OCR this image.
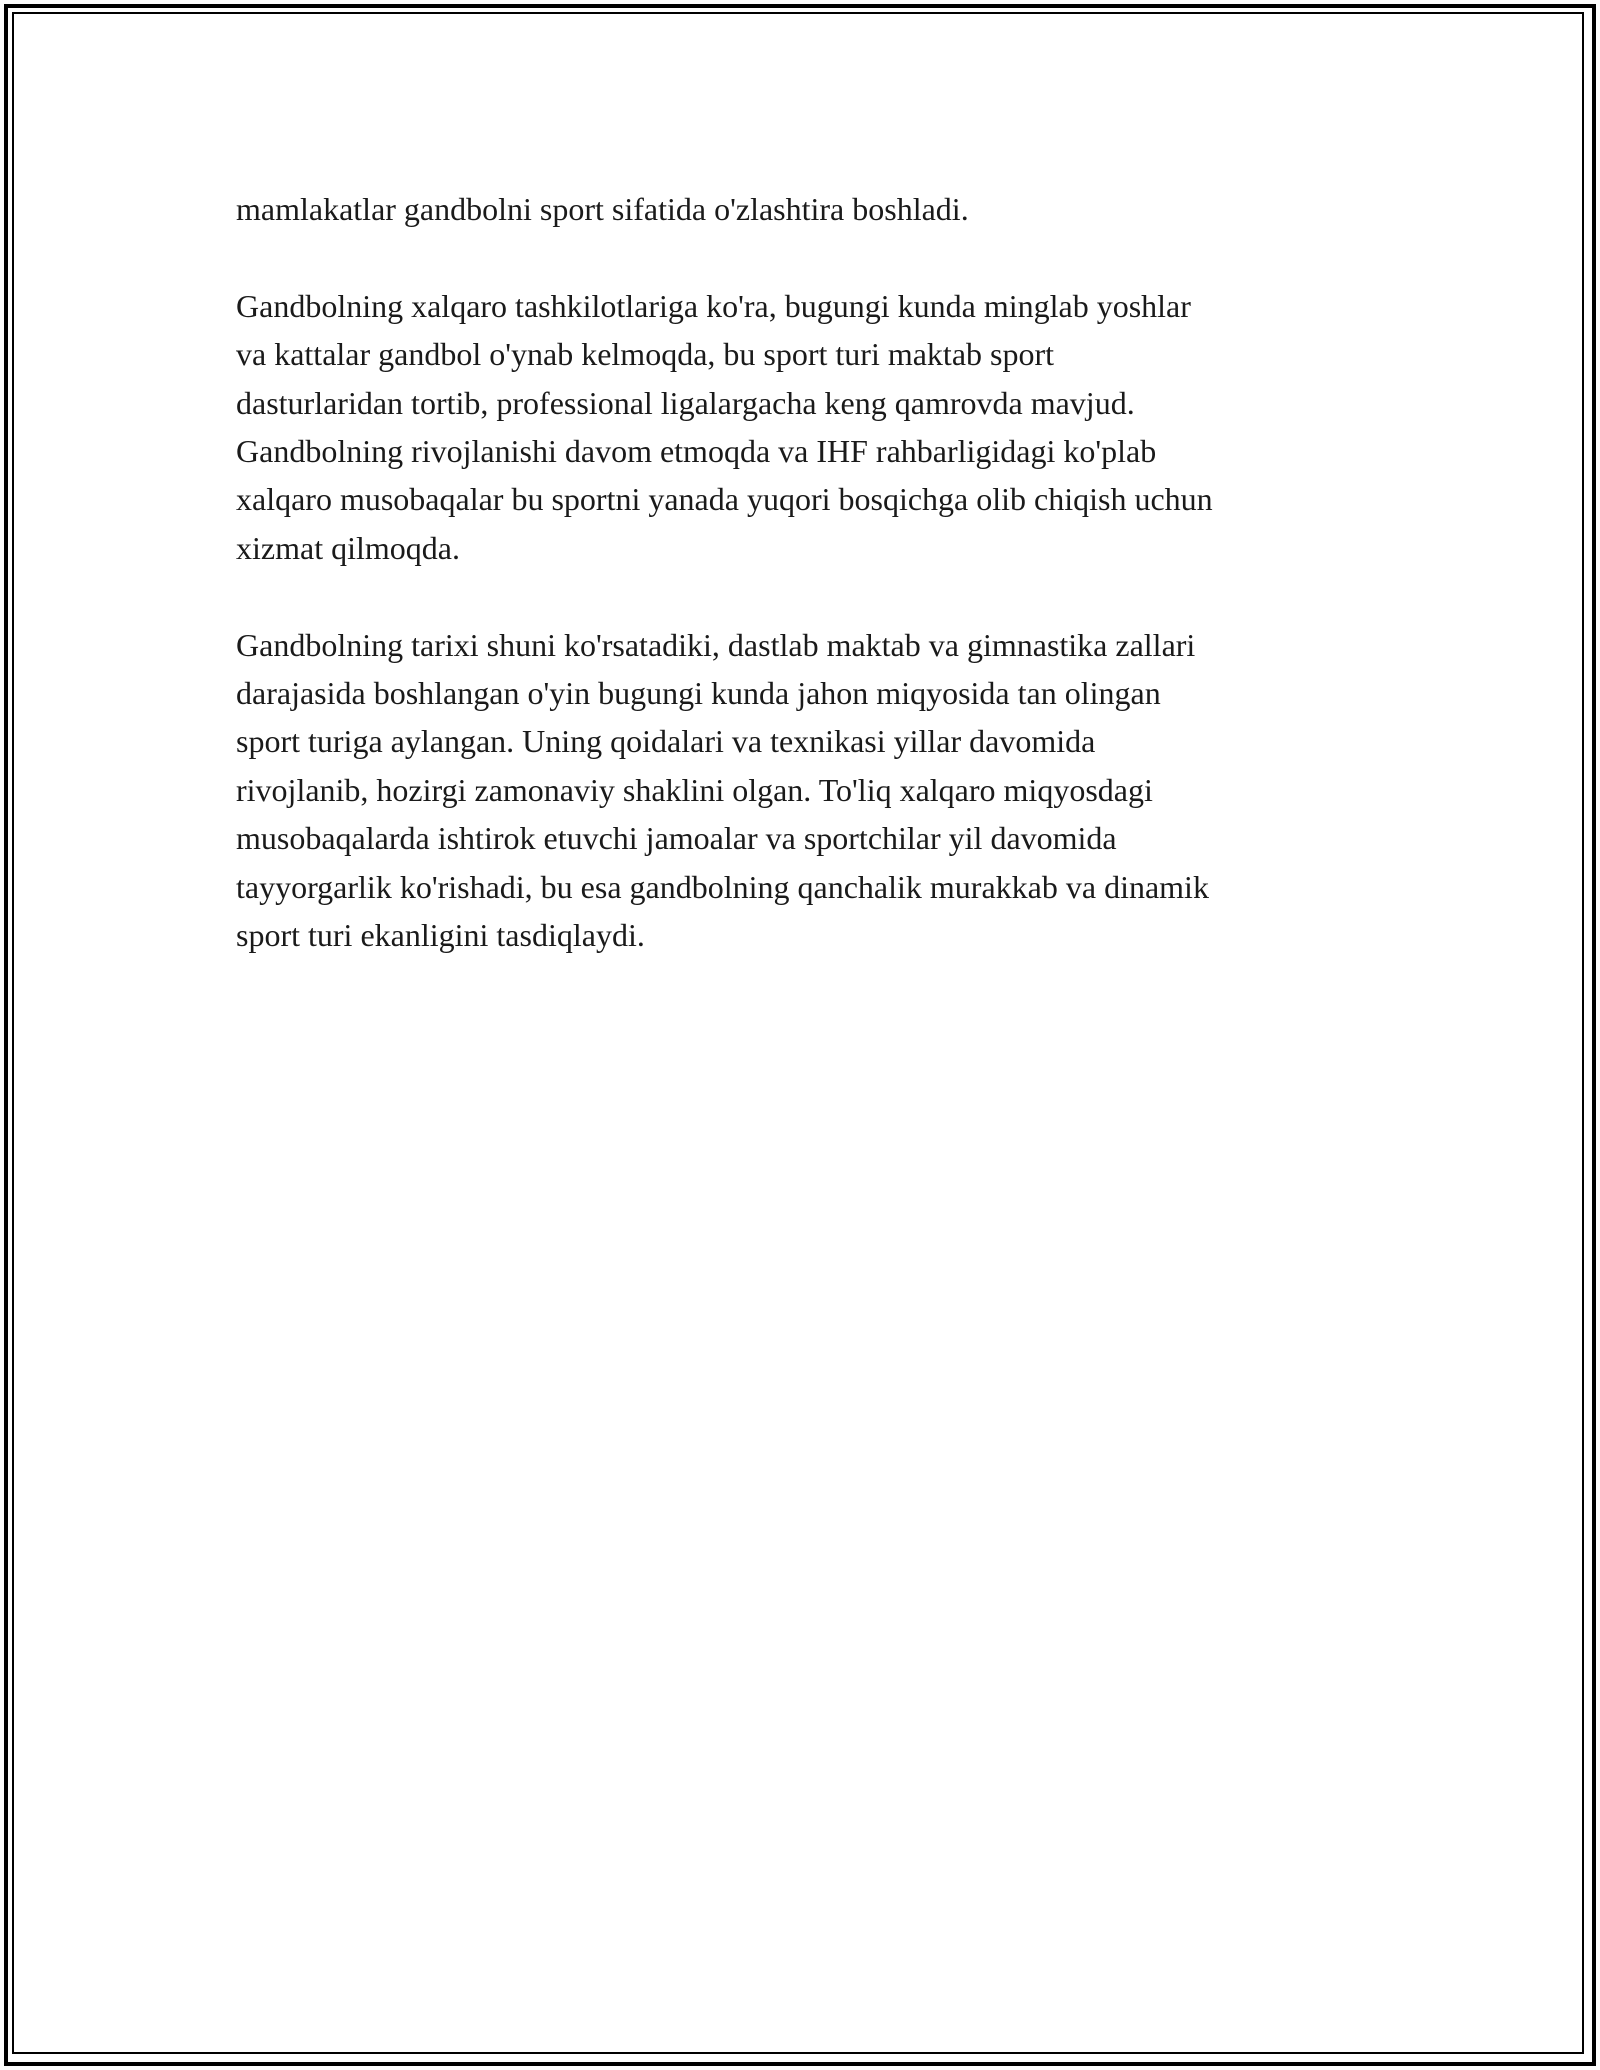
mamlakatlar gandbolni sport sifatida o'zlashtira boshladi.

Gandbolning xalqaro tashkilotlariga ko'ra, bugungi kunda minglab yoshlar
va kattalar gandbol o'ynab kelmoqda, bu sport turi maktab sport
dasturlaridan tortib, professional ligalargacha keng qamrovda mavjud.
Gandbolning rivojlanishi davom etmoqda va IHF rahbarligidagi ko'plab
xalqaro musobaqalar bu sportni yanada yuqori bosqichga olib chiqish uchun
xizmat qilmoqda.

Gandbolning tarixi shuni ko'rsatadiki, dastlab maktab va gimnastika zallari
darajasida boshlangan o'yin bugungi kunda jahon miqyosida tan olingan
sport turiga aylangan. Uning qoidalari va texnikasi yillar davomida
rivojlanib, hozirgi zamonaviy shaklini olgan. To'liq xalqaro miqyosdagi
musobaqalarda ishtirok etuvchi jamoalar va sportchilar yil davomida
tayyorgarlik ko'rishadi, bu esa gandbolning qanchalik murakkab va dinamik
sport turi ekanligini tasdiqlaydi.
